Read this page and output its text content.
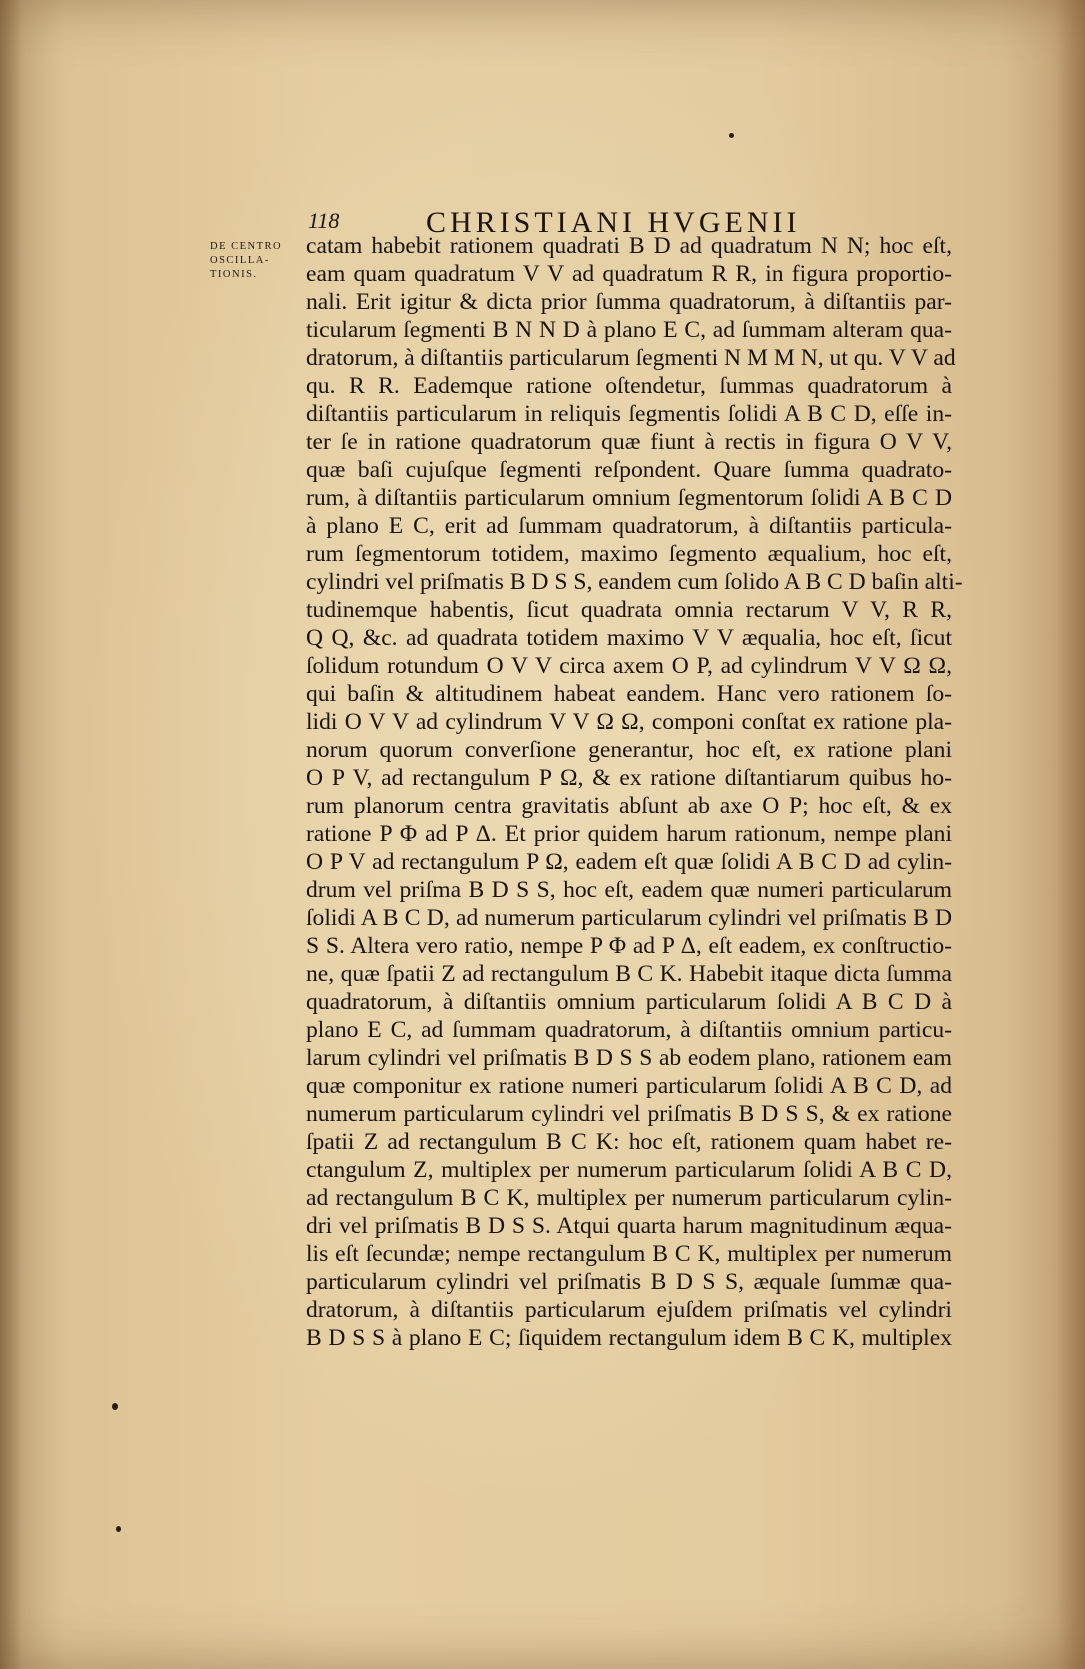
118	CHRISTIANI HVGENII
DE CENTRO
OSCILLA-
TIONIS.
catam habebit rationem quadrati B D ad quadratum N N; hoc eſt,
eam quam quadratum V V ad quadratum R R, in figura proportio-
nali. Erit igitur & dicta prior ſumma quadratorum, à diſtantiis par-
ticularum ſegmenti B N N D à plano E C, ad ſummam alteram qua-
dratorum, à diſtantiis particularum ſegmenti N M M N, ut qu. V V ad
qu. R R. Eademque ratione oſtendetur, ſummas quadratorum à
diſtantiis particularum in reliquis ſegmentis ſolidi A B C D, eſſe in-
ter ſe in ratione quadratorum quæ fiunt à rectis in figura O V V,
quæ baſi cujuſque ſegmenti reſpondent. Quare ſumma quadrato-
rum, à diſtantiis particularum omnium ſegmentorum ſolidi A B C D
à plano E C, erit ad ſummam quadratorum, à diſtantiis particula-
rum ſegmentorum totidem, maximo ſegmento æqualium, hoc eſt,
cylindri vel priſmatis B D S S, eandem cum ſolido A B C D baſin alti-
tudinemque habentis, ſicut quadrata omnia rectarum V V, R R,
Q Q, &c. ad quadrata totidem maximo V V æqualia, hoc eſt, ſicut
ſolidum rotundum O V V circa axem O P, ad cylindrum V V Ω Ω,
qui baſin & altitudinem habeat eandem. Hanc vero rationem ſo-
lidi O V V ad cylindrum V V Ω Ω, componi conſtat ex ratione pla-
norum quorum converſione generantur, hoc eſt, ex ratione plani
O P V, ad rectangulum P Ω, & ex ratione diſtantiarum quibus ho-
rum planorum centra gravitatis abſunt ab axe O P; hoc eſt, & ex
ratione P Φ ad P Δ. Et prior quidem harum rationum, nempe plani
O P V ad rectangulum P Ω, eadem eſt quæ ſolidi A B C D ad cylin-
drum vel priſma B D S S, hoc eſt, eadem quæ numeri particularum
ſolidi A B C D, ad numerum particularum cylindri vel priſmatis B D
S S. Altera vero ratio, nempe P Φ ad P Δ, eſt eadem, ex conſtructio-
ne, quæ ſpatii Z ad rectangulum B C K. Habebit itaque dicta ſumma
quadratorum, à diſtantiis omnium particularum ſolidi A B C D à
plano E C, ad ſummam quadratorum, à diſtantiis omnium particu-
larum cylindri vel priſmatis B D S S ab eodem plano, rationem eam
quæ componitur ex ratione numeri particularum ſolidi A B C D, ad
numerum particularum cylindri vel priſmatis B D S S, & ex ratione
ſpatii Z ad rectangulum B C K: hoc eſt, rationem quam habet re-
ctangulum Z, multiplex per numerum particularum ſolidi A B C D,
ad rectangulum B C K, multiplex per numerum particularum cylin-
dri vel priſmatis B D S S. Atqui quarta harum magnitudinum æqua-
lis eſt ſecundæ; nempe rectangulum B C K, multiplex per numerum
particularum cylindri vel priſmatis B D S S, æquale ſummæ qua-
dratorum, à diſtantiis particularum ejuſdem priſmatis vel cylindri
B D S S à plano E C; ſiquidem rectangulum idem B C K, multiplex
